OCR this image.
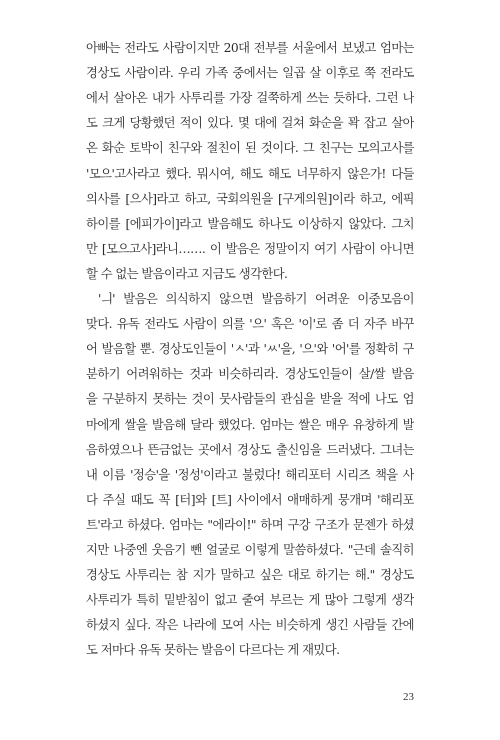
아빠는 전라도 사람이지만 20대 전부를 서울에서 보냈고 엄마는
경상도 사람이라. 우리 가족 중에서는 일곱 살 이후로 쭉 전라도
에서 살아온 내가 사투리를 가장 걸쭉하게 쓰는 듯하다. 그런 나
도 크게 당황했던 적이 있다. 몇 대에 걸쳐 화순을 꽉 잡고 살아
온 화순 토박이 친구와 절친이 된 것이다. 그 친구는 모의고사를
'모으'고사라고 했다. 뭐시여, 해도 해도 너무하지 않은가! 다들
의사를 [으사]라고 하고, 국회의원을 [구게의원]이라 하고, 에픽
하이를 [에피가이]라고 발음해도 하나도 이상하지 않았다. 그치
만 [모으고사]라니……. 이 발음은 정말이지 여기 사람이 아니면
할 수 없는 발음이라고 지금도 생각한다.
'ㅢ' 발음은 의식하지 않으면 발음하기 어려운 이중모음이
맞다. 유독 전라도 사람이 의를 '으' 혹은 '이'로 좀 더 자주 바꾸
어 발음할 뿐. 경상도인들이 'ㅅ'과 'ㅆ'을, '으'와 '어'를 정확히 구
분하기 어려워하는 것과 비슷하리라. 경상도인들이 살/쌀 발음
을 구분하지 못하는 것이 뭇사람들의 관심을 받을 적에 나도 엄
마에게 쌀을 발음해 달라 했었다. 엄마는 쌀은 매우 유창하게 발
음하였으나 뜬금없는 곳에서 경상도 출신임을 드러냈다. 그녀는
내 이름 '정승'을 '정성'이라고 불렀다! 해리포터 시리즈 책을 사
다 주실 때도 꼭 [터]와 [트] 사이에서 애매하게 뭉개며 '해리포
트'라고 하셨다. 엄마는 "에라이!" 하며 구강 구조가 문젠가 하셨
지만 나중엔 웃음기 뺀 얼굴로 이렇게 말씀하셨다. "근데 솔직히
경상도 사투리는 참 지가 말하고 싶은 대로 하기는 해." 경상도
사투리가 특히 밑받침이 없고 줄여 부르는 게 많아 그렇게 생각
하셨지 싶다. 작은 나라에 모여 사는 비슷하게 생긴 사람들 간에
도 저마다 유독 못하는 발음이 다르다는 게 재밌다.
23
